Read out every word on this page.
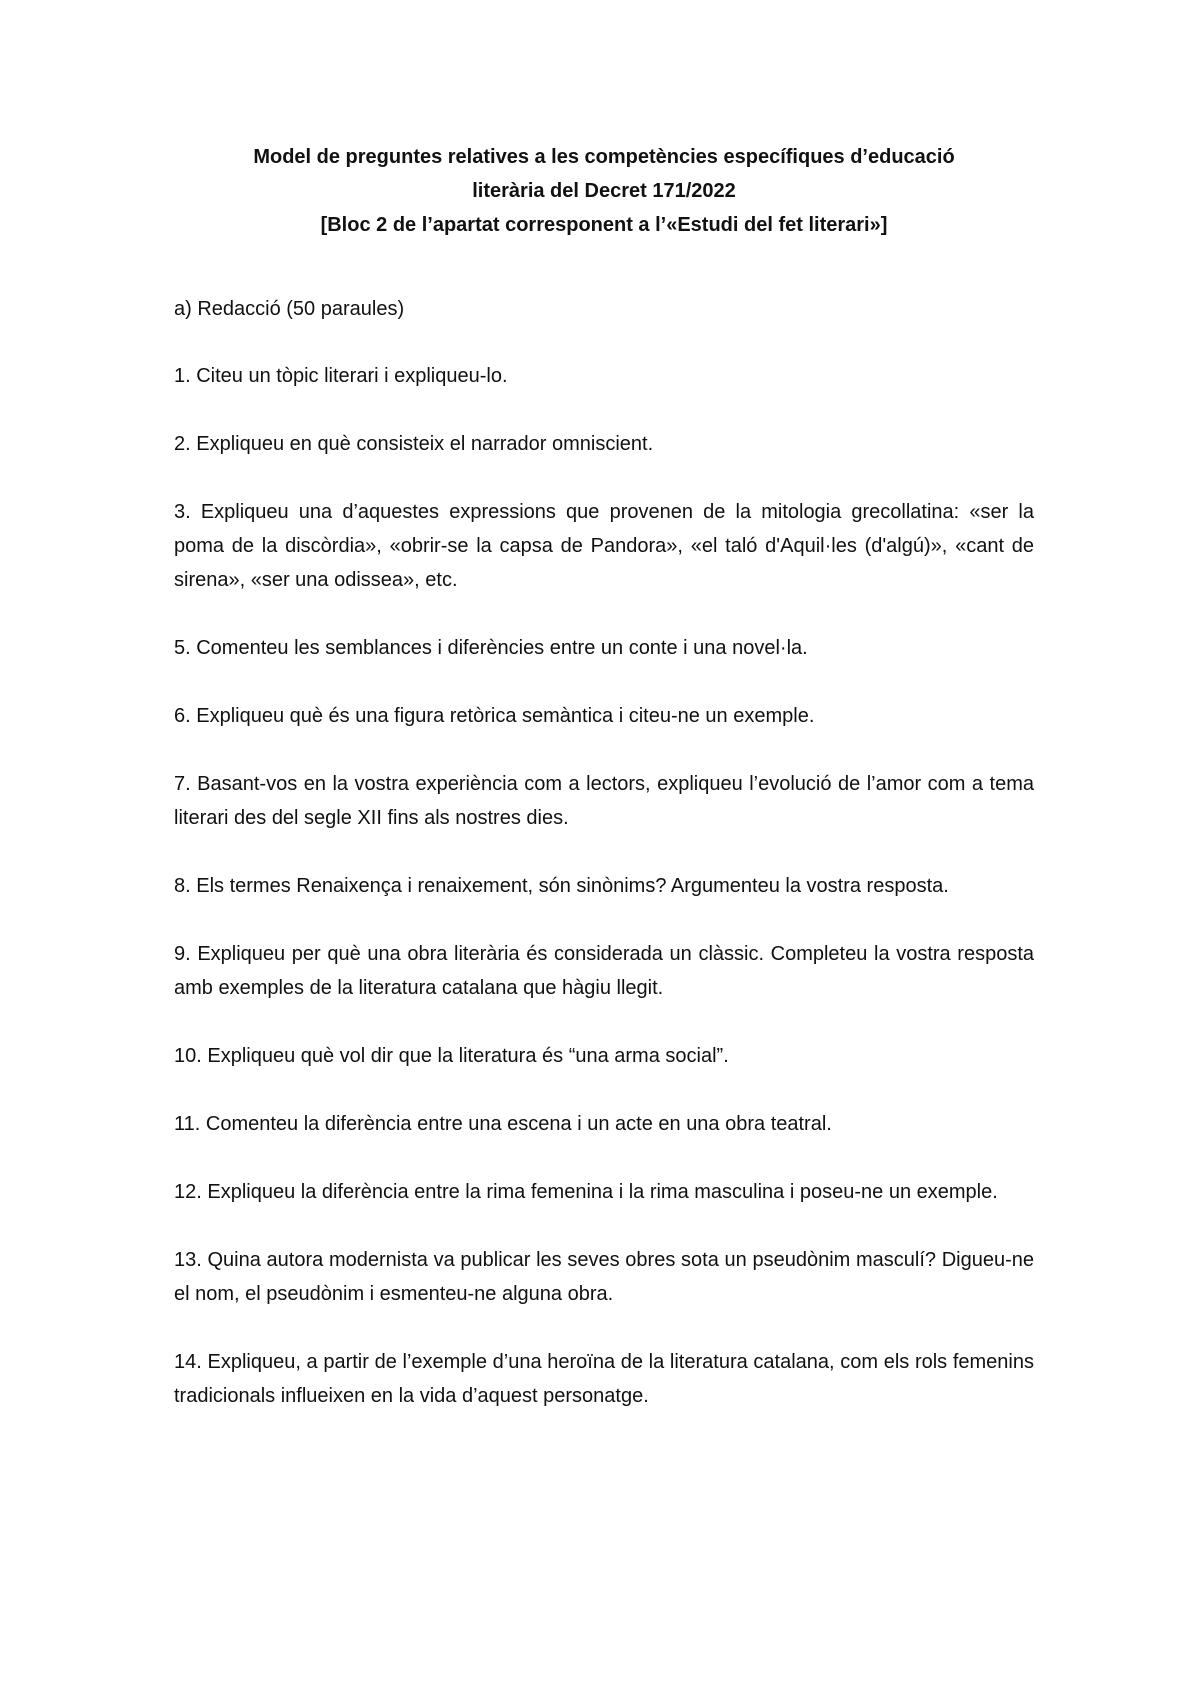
Model de preguntes relatives a les competències específiques d’educació
literària del Decret 171/2022
[Bloc 2 de l’apartat corresponent a l’«Estudi del fet literari»]
a) Redacció (50 paraules)
1. Citeu un tòpic literari i expliqueu-lo.
2. Expliqueu en què consisteix el narrador omniscient.
3. Expliqueu una d’aquestes expressions que provenen de la mitologia grecollatina: «ser la poma de la discòrdia», «obrir-se la capsa de Pandora», «el taló d'Aquil·les (d'algú)», «cant de sirena», «ser una odissea», etc.
5. Comenteu les semblances i diferències entre un conte i una novel·la.
6. Expliqueu què és una figura retòrica semàntica i citeu-ne un exemple.
7. Basant-vos en la vostra experiència com a lectors, expliqueu l’evolució de l’amor com a tema literari des del segle XII fins als nostres dies.
8. Els termes Renaixença i renaixement, són sinònims? Argumenteu la vostra resposta.
9. Expliqueu per què una obra literària és considerada un clàssic. Completeu la vostra resposta amb exemples de la literatura catalana que hàgiu llegit.
10. Expliqueu què vol dir que la literatura és “una arma social”.
11. Comenteu la diferència entre una escena i un acte en una obra teatral.
12. Expliqueu la diferència entre la rima femenina i la rima masculina i poseu-ne un exemple.
13. Quina autora modernista va publicar les seves obres sota un pseudònim masculí? Digueu-ne el nom, el pseudònim i esmenteu-ne alguna obra.
14. Expliqueu, a partir de l’exemple d’una heroïna de la literatura catalana, com els rols femenins tradicionals influeixen en la vida d’aquest personatge.
